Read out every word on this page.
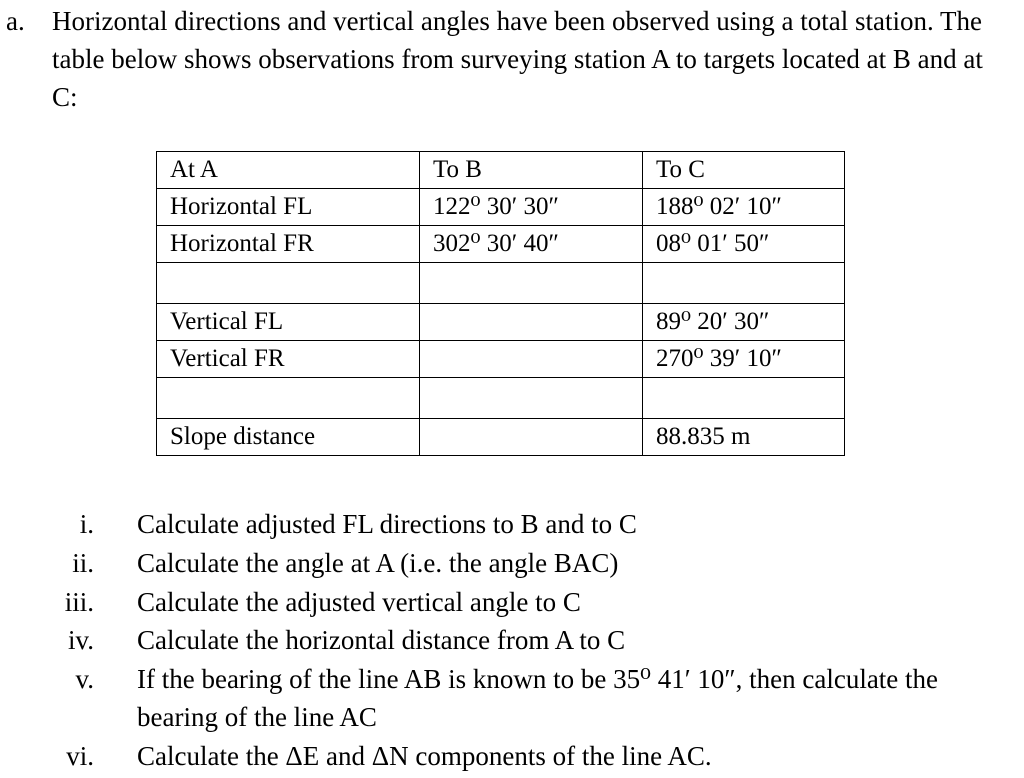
a. Horizontal directions and vertical angles have been observed using a total station. The table below shows observations from surveying station A to targets located at B and at C:
At A	To B	To C
Horizontal FL	122⁰ 30′ 30″	188⁰ 02′ 10″
Horizontal FR	302⁰ 30′ 40″	08⁰ 01′ 50″

Vertical FL		89⁰ 20′ 30″
Vertical FR		270⁰ 39′ 10″

Slope distance		88.835 m
i. Calculate adjusted FL directions to B and to C
ii. Calculate the angle at A (i.e. the angle BAC)
iii. Calculate the adjusted vertical angle to C
iv. Calculate the horizontal distance from A to C
v. If the bearing of the line AB is known to be 35⁰ 41′ 10″, then calculate the bearing of the line AC
vi. Calculate the ΔE and ΔN components of the line AC.
